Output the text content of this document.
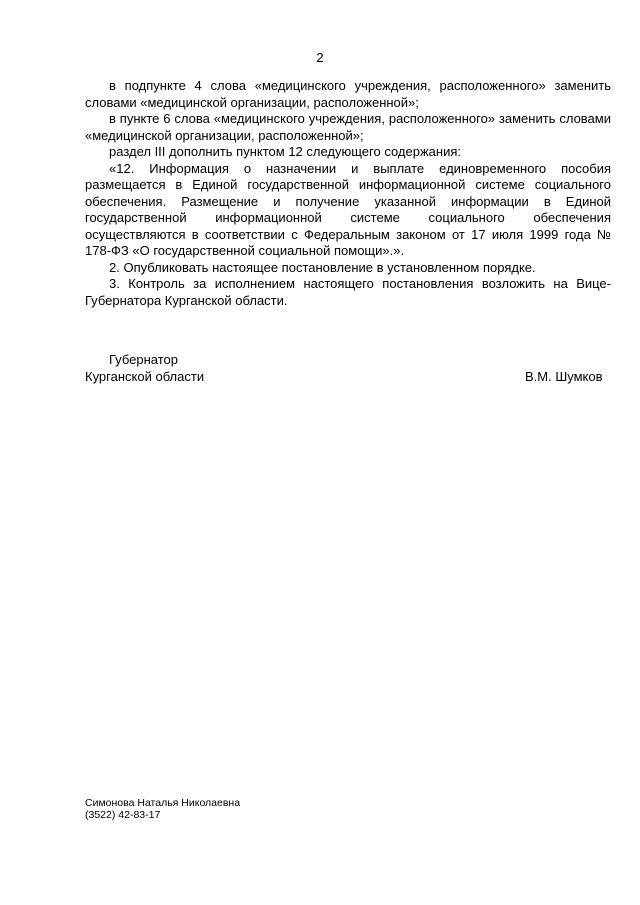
2

в подпункте 4 слова «медицинского учреждения, расположенного» заменить словами «медицинской организации, расположенной»;

в пункте 6 слова «медицинского учреждения, расположенного» заменить словами «медицинской организации, расположенной»;

раздел III дополнить пунктом 12 следующего содержания:

«12. Информация о назначении и выплате единовременного пособия размещается в Единой государственной информационной системе социального обеспечения. Размещение и получение указанной информации в Единой государственной информационной системе социального обеспечения осуществляются в соответствии с Федеральным законом от 17 июля 1999 года № 178-ФЗ «О государственной социальной помощи».».

2. Опубликовать настоящее постановление в установленном порядке.

3. Контроль за исполнением настоящего постановления возложить на Вице-Губернатора Курганской области.

Губернатор
Курганской области	В.М. Шумков
Симонова Наталья Николаевна
(3522) 42-83-17
